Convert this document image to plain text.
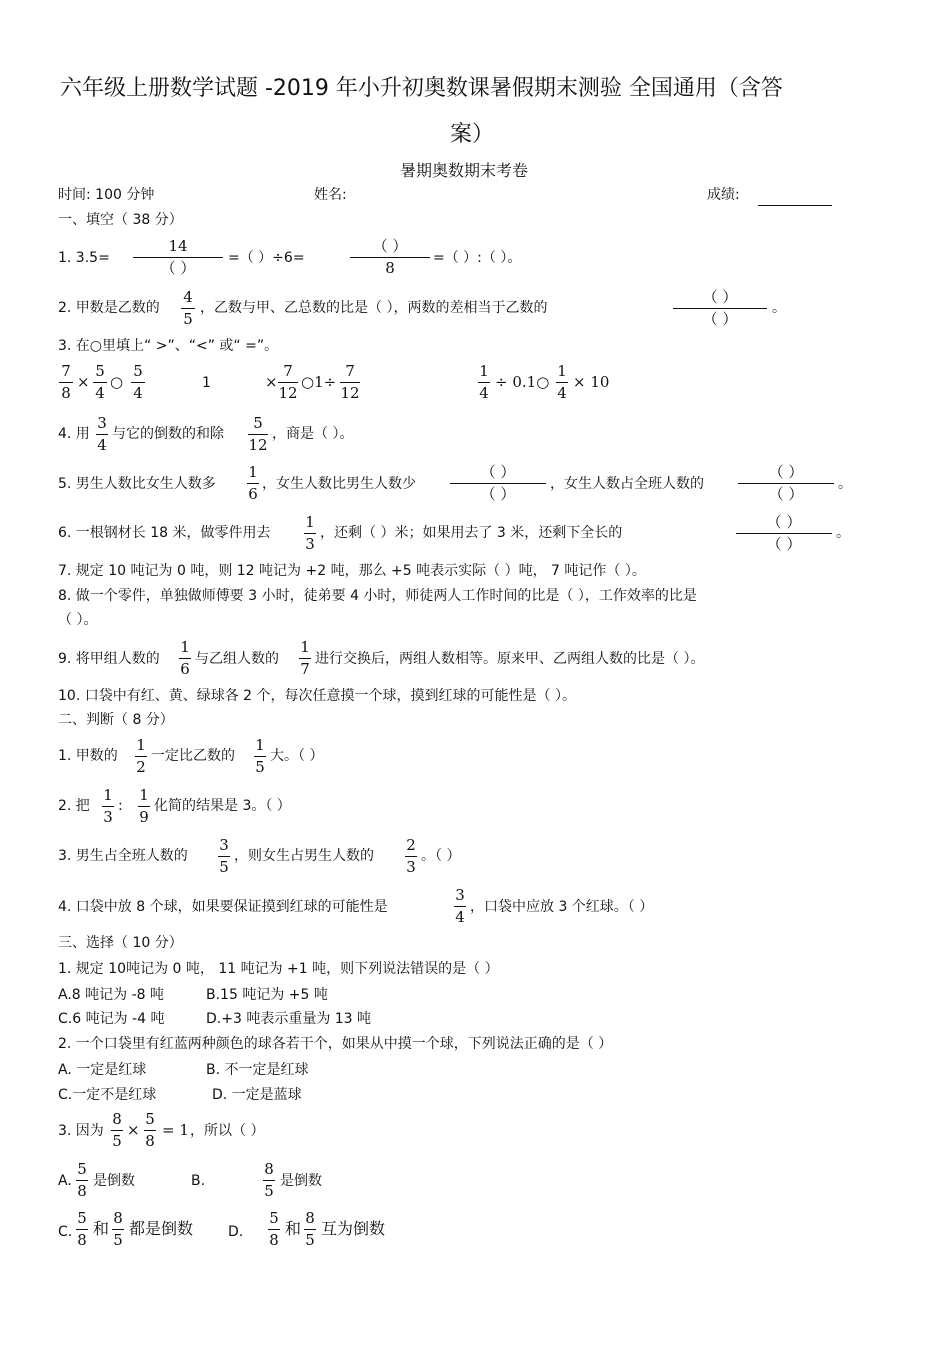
六年级上册数学试题 -2019 年小升初奥数课暑假期末测验 全国通用（含答
案）
暑期奥数期末考卷
时间: 100 分钟	姓名:	成绩:
一、填空（ 38 分）
1. 3.5=
14
（ ）
=（ ）÷6=
（ ）
8
=（ ）:（ ）。
2. 甲数是乙数的
4
5
，乙数与甲、乙总数的比是（ ），两数的差相当于乙数的
（ ）
（ ）
。
3. 在○里填上“ >”、“<” 或“ =”。
7
8
×
5
4
○
5
4
1	×
7
12
○1÷
7
12
1
4
÷ 0.1○
1
4
× 10
4. 用
3
4
与它的倒数的和除
5
12
，商是（ ）。
5. 男生人数比女生人数多
1
6
，女生人数比男生人数少
（ ）
（ ）
，女生人数占全班人数的
（ ）
（ ）
。
6. 一根钢材长 18 米，做零件用去
1
3
，还剩（ ）米；如果用去了 3 米，还剩下全长的
（ ）
（ ）
。
7. 规定 10 吨记为 0 吨，则 12 吨记为 +2 吨，那么 +5 吨表示实际（ ）吨， 7 吨记作（ ）。
8. 做一个零件，单独做师傅要 3 小时，徒弟要 4 小时，师徒两人工作时间的比是（ ），工作效率的比是
（ ）。
9. 将甲组人数的
1
6
与乙组人数的
1
7
进行交换后，两组人数相等。原来甲、乙两组人数的比是（ ）。
10. 口袋中有红、黄、绿球各 2 个，每次任意摸一个球，摸到红球的可能性是（ ）。
二、判断（ 8 分）
1. 甲数的
1
2
一定比乙数的
1
5
大。（ ）
2. 把
1
3
:
1
9
化简的结果是 3。（ ）
3. 男生占全班人数的
3
5
，则女生占男生人数的
2
3
。（ ）
4. 口袋中放 8 个球，如果要保证摸到红球的可能性是
3
4
，口袋中应放 3 个红球。（ ）
三、选择（ 10 分）
1. 规定 10吨记为 0 吨， 11 吨记为 +1 吨，则下列说法错误的是（ ）
A.8 吨记为 -8 吨	B.15 吨记为 +5 吨
C.6 吨记为 -4 吨	D.+3 吨表示重量为 13 吨
2. 一个口袋里有红蓝两种颜色的球各若干个，如果从中摸一个球，下列说法正确的是（ ）
A. 一定是红球	B. 不一定是红球
C.一定不是红球	D. 一定是蓝球
3. 因为
8
5
×
5
8
= 1 ，所以（ ）
A.
5
8
是倒数	B.
8
5
是倒数
C.
5
8
和
8
5
都是倒数 D.
5
8
和
8
5
互为倒数
